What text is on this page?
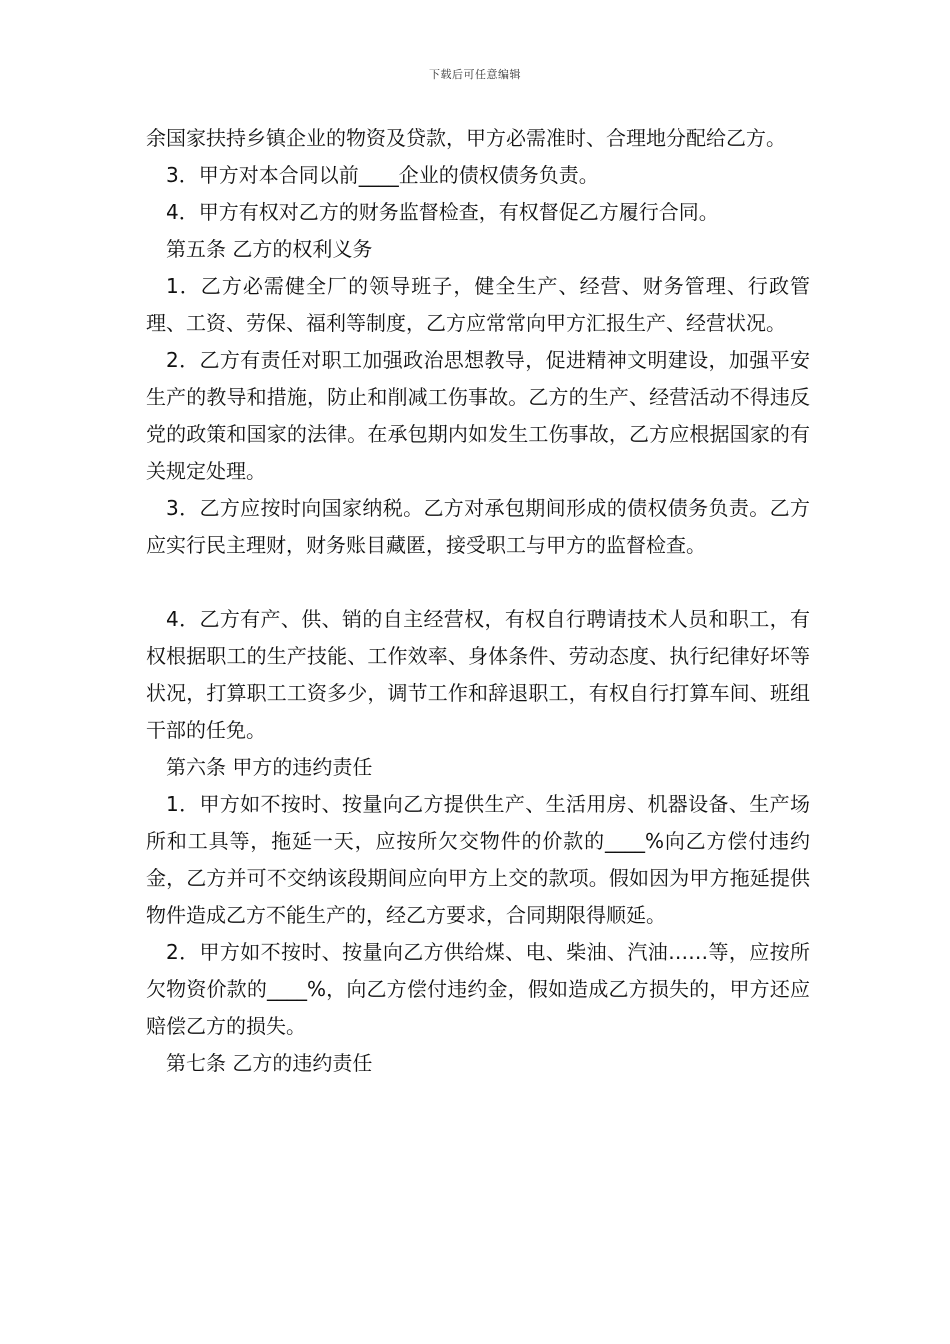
下载后可任意编辑

余国家扶持乡镇企业的物资及贷款，甲方必需准时、合理地分配给乙方。

3．甲方对本合同以前____企业的债权债务负责。

4．甲方有权对乙方的财务监督检查，有权督促乙方履行合同。

第五条 乙方的权利义务

1．乙方必需健全厂的领导班子，健全生产、经营、财务管理、行政管理、工资、劳保、福利等制度，乙方应常常向甲方汇报生产、经营状况。

2．乙方有责任对职工加强政治思想教导，促进精神文明建设，加强平安生产的教导和措施，防止和削减工伤事故。乙方的生产、经营活动不得违反党的政策和国家的法律。在承包期内如发生工伤事故，乙方应根据国家的有关规定处理。

3．乙方应按时向国家纳税。乙方对承包期间形成的债权债务负责。乙方应实行民主理财，财务账目藏匿，接受职工与甲方的监督检查。

4．乙方有产、供、销的自主经营权，有权自行聘请技术人员和职工，有权根据职工的生产技能、工作效率、身体条件、劳动态度、执行纪律好坏等状况，打算职工工资多少，调节工作和辞退职工，有权自行打算车间、班组干部的任免。

第六条 甲方的违约责任

1．甲方如不按时、按量向乙方提供生产、生活用房、机器设备、生产场所和工具等，拖延一天，应按所欠交物件的价款的____%向乙方偿付违约金，乙方并可不交纳该段期间应向甲方上交的款项。假如因为甲方拖延提供物件造成乙方不能生产的，经乙方要求，合同期限得顺延。

2．甲方如不按时、按量向乙方供给煤、电、柴油、汽油……等，应按所欠物资价款的____%，向乙方偿付违约金，假如造成乙方损失的，甲方还应赔偿乙方的损失。

第七条 乙方的违约责任
